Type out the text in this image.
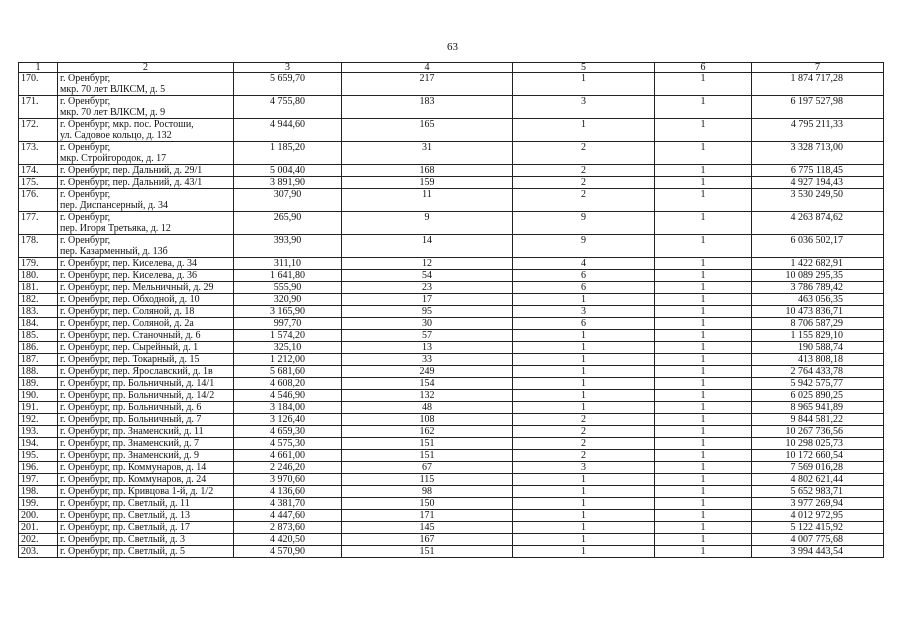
63
1	2	3	4	5	6	7
170.	г. Оренбург,
мкр. 70 лет ВЛКСМ, д. 5	5 659,70	217	1	1	1 874 717,28
171.	г. Оренбург,
мкр. 70 лет ВЛКСМ, д. 9	4 755,80	183	3	1	6 197 527,98
172.	г. Оренбург, мкр. пос. Ростоши,
ул. Садовое кольцо, д. 132	4 944,60	165	1	1	4 795 211,33
173.	г. Оренбург,
мкр. Стройгородок, д. 17	1 185,20	31	2	1	3 328 713,00
174.	г. Оренбург, пер. Дальний, д. 29/1	5 004,40	168	2	1	6 775 118,45
175.	г. Оренбург, пер. Дальний, д. 43/1	3 891,90	159	2	1	4 927 194,43
176.	г. Оренбург,
пер. Диспансерный, д. 34	307,90	11	2	1	3 530 249,50
177.	г. Оренбург,
пер. Игоря Третьяка, д. 12	265,90	9	9	1	4 263 874,62
178.	г. Оренбург,
пер. Казарменный, д. 13б	393,90	14	9	1	6 036 502,17
179.	г. Оренбург, пер. Киселева, д. 34	311,10	12	4	1	1 422 682,91
180.	г. Оренбург, пер. Киселева, д. 36	1 641,80	54	6	1	10 089 295,35
181.	г. Оренбург, пер. Мельничный, д. 29	555,90	23	6	1	3 786 789,42
182.	г. Оренбург, пер. Обходной, д. 10	320,90	17	1	1	463 056,35
183.	г. Оренбург, пер. Соляной, д. 18	3 165,90	95	3	1	10 473 836,71
184.	г. Оренбург, пер. Соляной, д. 2а	997,70	30	6	1	8 706 587,29
185.	г. Оренбург, пер. Станочный, д. 6	1 574,20	57	1	1	1 155 829,10
186.	г. Оренбург, пер. Сырейный, д. 1	325,10	13	1	1	190 588,74
187.	г. Оренбург, пер. Токарный, д. 15	1 212,00	33	1	1	413 808,18
188.	г. Оренбург, пер. Ярославский, д. 1в	5 681,60	249	1	1	2 764 433,78
189.	г. Оренбург, пр. Больничный, д. 14/1	4 608,20	154	1	1	5 942 575,77
190.	г. Оренбург, пр. Больничный, д. 14/2	4 546,90	132	1	1	6 025 890,25
191.	г. Оренбург, пр. Больничный, д. 6	3 184,00	48	1	1	8 965 941,89
192.	г. Оренбург, пр. Больничный, д. 7	3 126,40	108	2	1	9 844 581,22
193.	г. Оренбург, пр. Знаменский, д. 11	4 659,30	162	2	1	10 267 736,56
194.	г. Оренбург, пр. Знаменский, д. 7	4 575,30	151	2	1	10 298 025,73
195.	г. Оренбург, пр. Знаменский, д. 9	4 661,00	151	2	1	10 172 660,54
196.	г. Оренбург, пр. Коммунаров, д. 14	2 246,20	67	3	1	7 569 016,28
197.	г. Оренбург, пр. Коммунаров, д. 24	3 970,60	115	1	1	4 802 621,44
198.	г. Оренбург, пр. Кривцова 1-й, д. 1/2	4 136,60	98	1	1	5 652 983,71
199.	г. Оренбург, пр. Светлый, д. 11	4 381,70	150	1	1	3 977 269,94
200.	г. Оренбург, пр. Светлый, д. 13	4 447,60	171	1	1	4 012 972,95
201.	г. Оренбург, пр. Светлый, д. 17	2 873,60	145	1	1	5 122 415,92
202.	г. Оренбург, пр. Светлый, д. 3	4 420,50	167	1	1	4 007 775,68
203.	г. Оренбург, пр. Светлый, д. 5	4 570,90	151	1	1	3 994 443,54
